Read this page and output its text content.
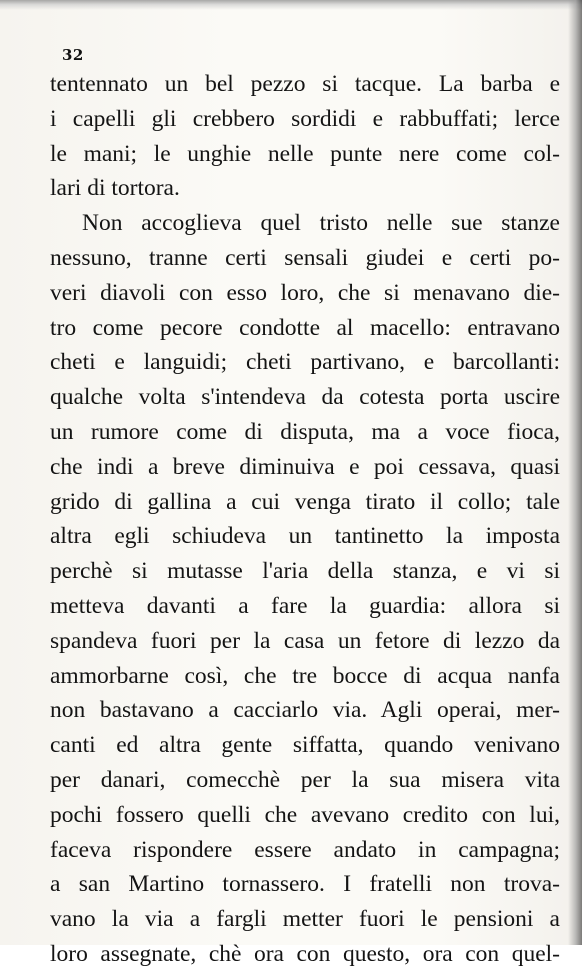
32
tentennato un bel pezzo si tacque. La barba e
i capelli gli crebbero sordidi e rabbuffati; lerce
le mani; le unghie nelle punte nere come col-
lari di tortora.
Non accoglieva quel tristo nelle sue stanze
nessuno, tranne certi sensali giudei e certi po-
veri diavoli con esso loro, che si menavano die-
tro come pecore condotte al macello: entravano
cheti e languidi; cheti partivano, e barcollanti:
qualche volta s'intendeva da cotesta porta uscire
un rumore come di disputa, ma a voce fioca,
che indi a breve diminuiva e poi cessava, quasi
grido di gallina a cui venga tirato il collo; tale
altra egli schiudeva un tantinetto la imposta
perchè si mutasse l'aria della stanza, e vi si
metteva davanti a fare la guardia: allora si
spandeva fuori per la casa un fetore di lezzo da
ammorbarne così, che tre bocce di acqua nanfa
non bastavano a cacciarlo via. Agli operai, mer-
canti ed altra gente siffatta, quando venivano
per danari, comecchè per la sua misera vita
pochi fossero quelli che avevano credito con lui,
faceva rispondere essere andato in campagna;
a san Martino tornassero. I fratelli non trova-
vano la via a fargli metter fuori le pensioni a
loro assegnate, chè ora con questo, ora con quel-
